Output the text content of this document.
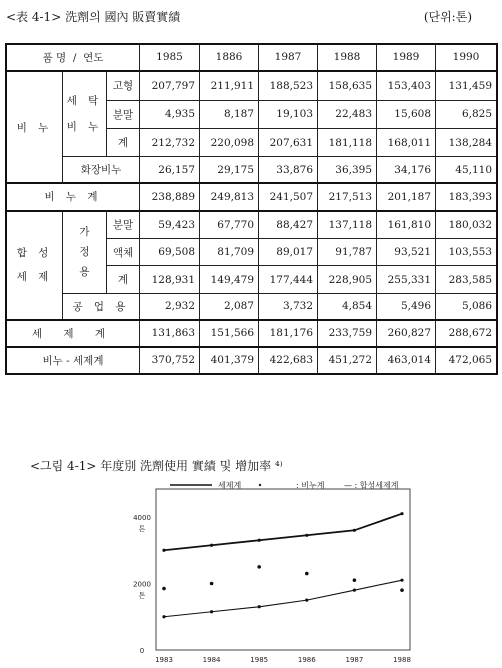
<表 4-1> 洗劑의 國內 販賣實績	(단위:톤)
품 명 / 연도			1985	1886	1987	1988	1989	1990
비 누	세 탁
비 누	고형	207,797	211,911	188,523	158,635	153,403	131,459
		분말	4,935	8,187	19,103	22,483	15,608	6,825
		계	212,732	220,098	207,631	181,118	168,011	138,284
	화장비누		26,157	29,175	33,876	36,395	34,176	45,110
비 누 계			238,889	249,813	241,507	217,513	201,187	183,393
합 성
세 제	가

정

용	분말	59,423	67,770	88,427	137,118	161,810	180,032
		액체	69,508	81,709	89,017	91,787	93,521	103,553
		계	128,931	149,479	177,444	228,905	255,331	283,585
	공 업 용		2,932	2,087	3,732	4,854	5,496	5,086
세 제 계			131,863	151,566	181,176	233,759	260,827	288,672
비누 - 세제계			370,752	401,379	422,683	451,272	463,014	472,065
<그림 4-1> 年度別 洗劑使用 實績 및 增加率 ⁴⁾
세제계	: 비누계 — : 합성세제계
0
2000
톤
4000
톤
1983	1984	1985	1986	1987	1988
